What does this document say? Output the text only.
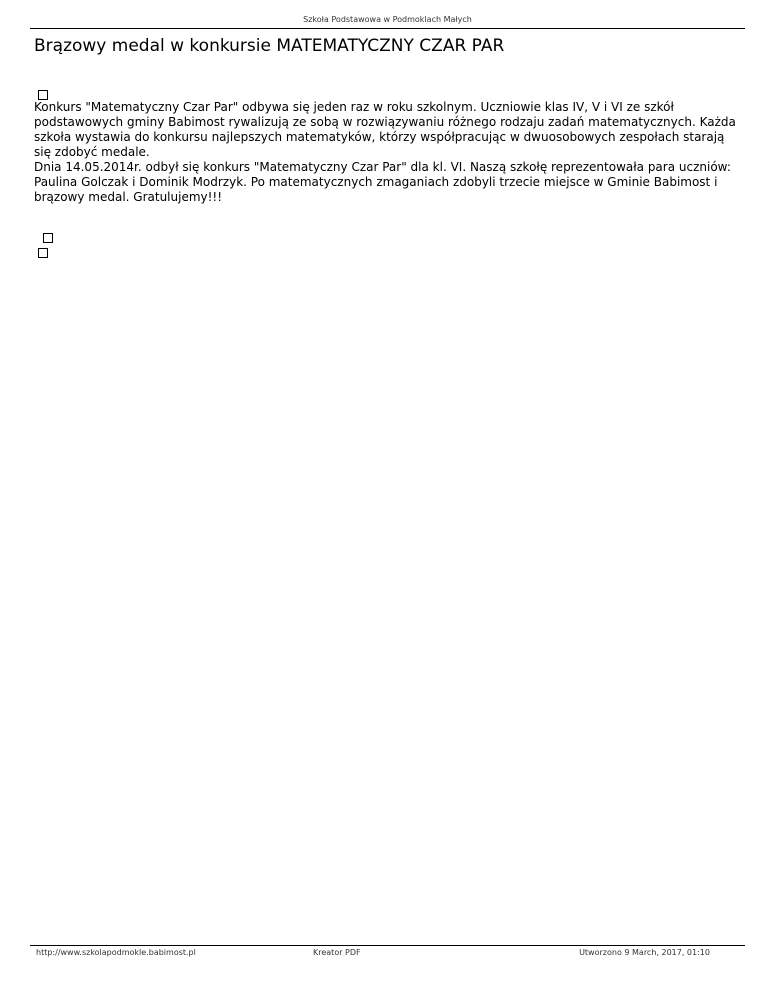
Szkoła Podstawowa w Podmoklach Małych
Brązowy medal w konkursie MATEMATYCZNY CZAR PAR

Konkurs "Matematyczny Czar Par" odbywa się jeden raz w roku szkolnym. Uczniowie klas IV, V i VI ze szkół podstawowych gminy Babimost rywalizują ze sobą w rozwiązywaniu różnego rodzaju zadań matematycznych. Każda szkoła wystawia do konkursu najlepszych matematyków, którzy współpracując w dwuosobowych zespołach starają się zdobyć medale.

Dnia 14.05.2014r. odbył się konkurs "Matematyczny Czar Par" dla kl. VI. Naszą szkołę reprezentowała para uczniów: Paulina Golczak i Dominik Modrzyk. Po matematycznych zmaganiach zdobyli trzecie miejsce w Gminie Babimost i brązowy medal. Gratulujemy!!!

http://www.szkolapodmokle.babimost.pl	Kreator PDF	Utworzono 9 March, 2017, 01:10
